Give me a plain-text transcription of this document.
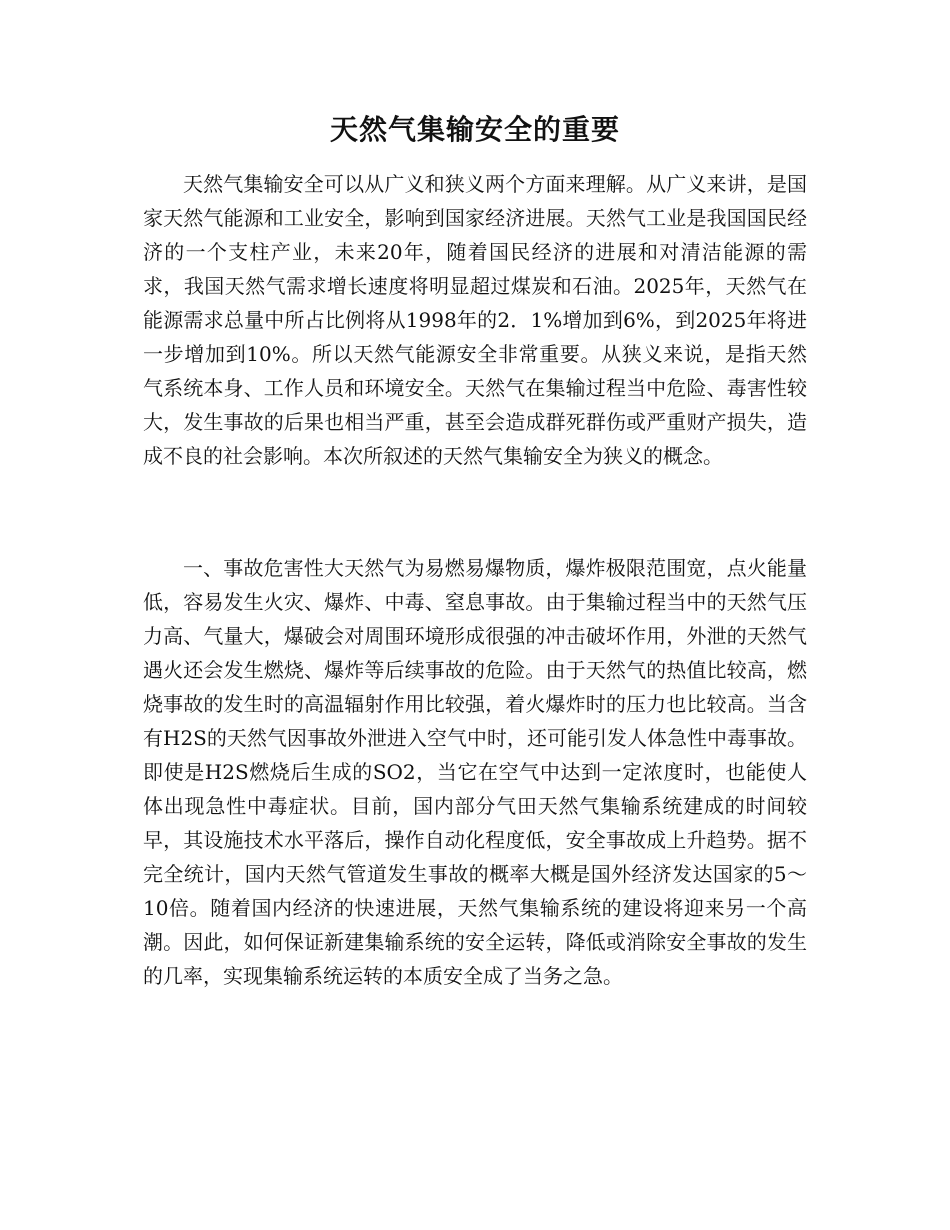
天然气集输安全的重要

天然气集输安全可以从广义和狭义两个方面来理解。从广义来讲，是国家天然气能源和工业安全，影响到国家经济进展。天然气工业是我国国民经济的一个支柱产业，未来20年，随着国民经济的进展和对清洁能源的需求，我国天然气需求增长速度将明显超过煤炭和石油。2025年，天然气在能源需求总量中所占比例将从1998年的2．1%增加到6%，到2025年将进一步增加到10%。所以天然气能源安全非常重要。从狭义来说，是指天然气系统本身、工作人员和环境安全。天然气在集输过程当中危险、毒害性较大，发生事故的后果也相当严重，甚至会造成群死群伤或严重财产损失，造成不良的社会影响。本次所叙述的天然气集输安全为狭义的概念。

一、事故危害性大天然气为易燃易爆物质，爆炸极限范围宽，点火能量低，容易发生火灾、爆炸、中毒、窒息事故。由于集输过程当中的天然气压力高、气量大，爆破会对周围环境形成很强的冲击破坏作用，外泄的天然气遇火还会发生燃烧、爆炸等后续事故的危险。由于天然气的热值比较高，燃烧事故的发生时的高温辐射作用比较强，着火爆炸时的压力也比较高。当含有H2S的天然气因事故外泄进入空气中时，还可能引发人体急性中毒事故。即使是H2S燃烧后生成的SO2，当它在空气中达到一定浓度时，也能使人体出现急性中毒症状。目前，国内部分气田天然气集输系统建成的时间较早，其设施技术水平落后，操作自动化程度低，安全事故成上升趋势。据不完全统计，国内天然气管道发生事故的概率大概是国外经济发达国家的5～10倍。随着国内经济的快速进展，天然气集输系统的建设将迎来另一个高潮。因此，如何保证新建集输系统的安全运转，降低或消除安全事故的发生的几率，实现集输系统运转的本质安全成了当务之急。
